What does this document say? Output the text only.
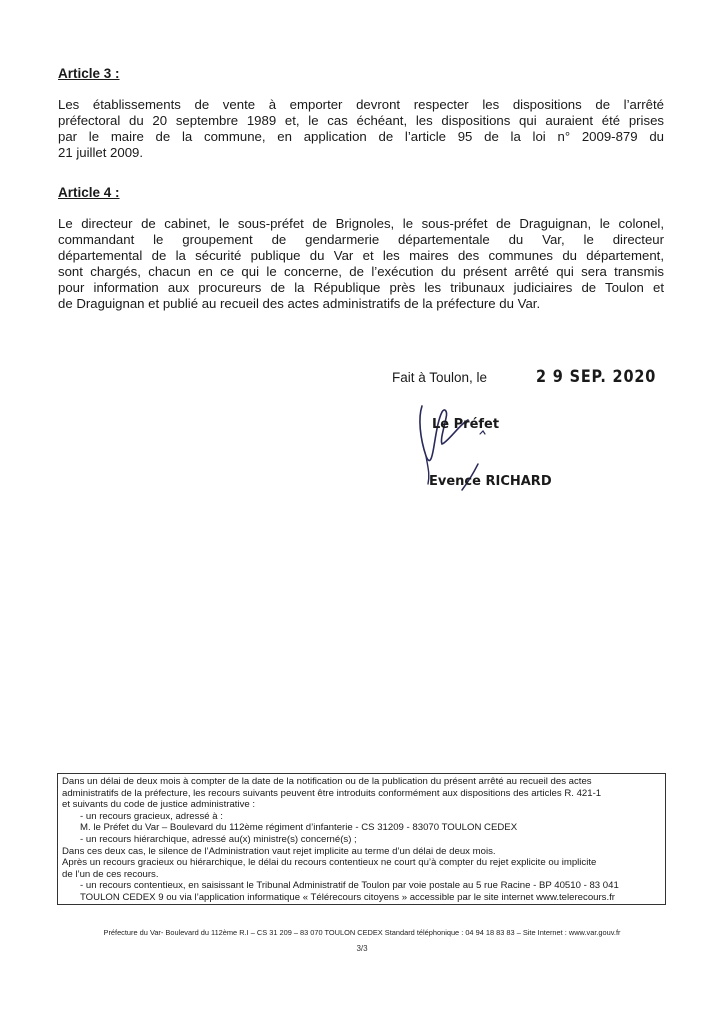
Article 3 :

Les établissements de vente à emporter devront respecter les dispositions de l’arrêté
préfectoral du 20 septembre 1989 et, le cas échéant, les dispositions qui auraient été prises
par le maire de la commune, en application de l’article 95 de la loi n° 2009-879 du
21 juillet 2009.

Article 4 :

Le directeur de cabinet, le sous-préfet de Brignoles, le sous-préfet de Draguignan, le colonel,
commandant le groupement de gendarmerie départementale du Var, le directeur
départemental de la sécurité publique du Var et les maires des communes du département,
sont chargés, chacun en ce qui le concerne, de l’exécution du présent arrêté qui sera transmis
pour information aux procureurs de la République près les tribunaux judiciaires de Toulon et
de Draguignan et publié au recueil des actes administratifs de la préfecture du Var.
Fait à Toulon, le	2 9 SEP. 2020
Le Préfet
Evence RICHARD
Dans un délai de deux mois à compter de la date de la notification ou de la publication du présent arrêté au recueil des actes
administratifs de la préfecture, les recours suivants peuvent être introduits conformément aux dispositions des articles R. 421-1
et suivants du code de justice administrative :
- un recours gracieux, adressé à :
M. le Préfet du Var – Boulevard du 112ème régiment d’infanterie - CS 31209 - 83070 TOULON CEDEX
- un recours hiérarchique, adressé au(x) ministre(s) concerné(s) ;
Dans ces deux cas, le silence de l’Administration vaut rejet implicite au terme d’un délai de deux mois.
Après un recours gracieux ou hiérarchique, le délai du recours contentieux ne court qu’à compter du rejet explicite ou implicite
de l’un de ces recours.
- un recours contentieux, en saisissant le Tribunal Administratif de Toulon par voie postale au 5 rue Racine - BP 40510 - 83 041
TOULON CEDEX 9 ou via l’application informatique « Télérecours citoyens » accessible par le site internet www.telerecours.fr
Préfecture du Var- Boulevard du 112ème R.I – CS 31 209 – 83 070 TOULON CEDEX Standard téléphonique : 04 94 18 83 83 – Site Internet : www.var.gouv.fr
3/3
